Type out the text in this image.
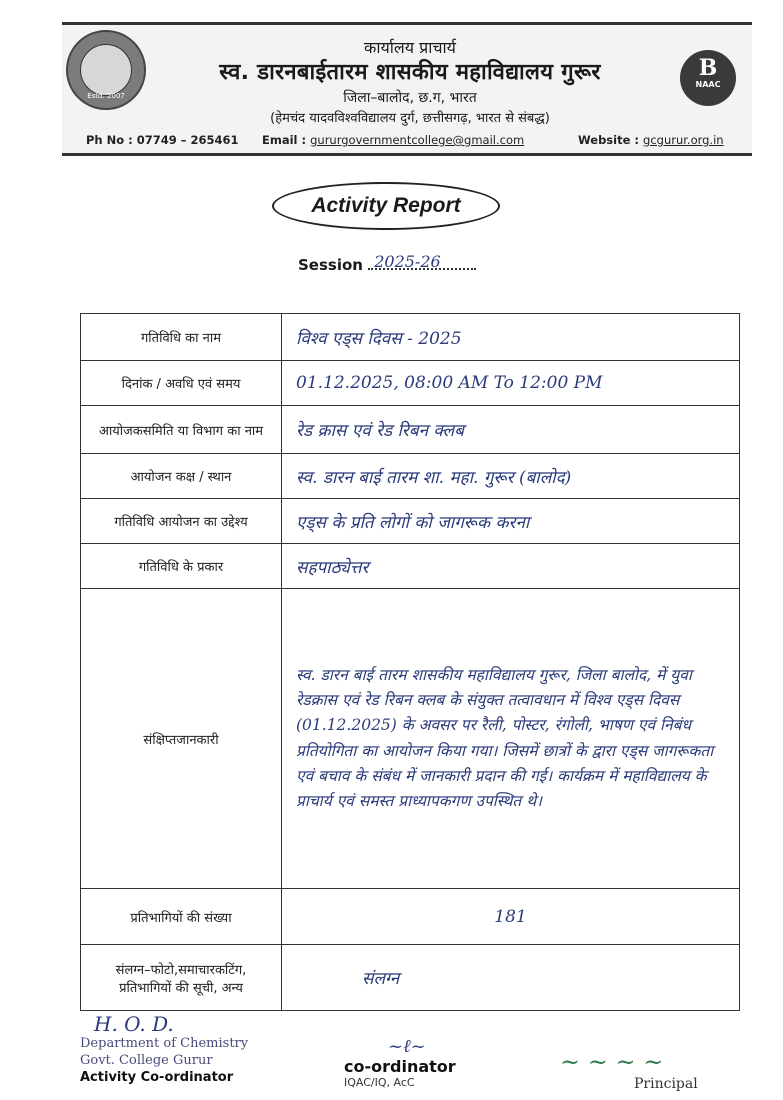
Estd. 2007
B
NAAC
कार्यालय प्राचार्य
स्व. डारनबाईतारम शासकीय महाविद्यालय गुरूर
जिला–बालोद, छ.ग, भारत
(हेमचंद यादवविश्वविद्यालय दुर्ग, छत्तीसगढ़, भारत से संबद्ध)
Ph No : 07749 – 265461 Email : gururgovernmentcollege@gmail.com	Website : gcgurur.org.in
Activity Report
Session 2025-26
गतिविधि का नाम	विश्व एड्स दिवस - 2025
दिनांक / अवधि एवं समय	01.12.2025, 08:00 AM To 12:00 PM
आयोजकसमिति या विभाग का नाम	रेड क्रास एवं रेड रिबन क्लब
आयोजन कक्ष / स्थान	स्व. डारन बाई तारम शा. महा. गुरूर (बालोद)
गतिविधि आयोजन का उद्देश्य	एड्स के प्रति लोगों को जागरूक करना
गतिविधि के प्रकार	सहपाठ्येत्तर
संक्षिप्तजानकारी	स्व. डारन बाई तारम शासकीय महाविद्यालय गुरूर, जिला बालोद, में युवा रेडक्रास एवं रेड रिबन क्लब के संयुक्त तत्वावधान में विश्व एड्स दिवस (01.12.2025) के अवसर पर रैली, पोस्टर, रंगोली, भाषण एवं निबंध प्रतियोगिता का आयोजन किया गया। जिसमें छात्रों के द्वारा एड्स जागरूकता एवं बचाव के संबंध में जानकारी प्रदान की गई। कार्यक्रम में महाविद्यालय के प्राचार्य एवं समस्त प्राध्यापकगण उपस्थित थे।
प्रतिभागियों की संख्या	181
संलग्न–फोटो,समाचारकटिंग, प्रतिभागियों की सूची, अन्य	संलग्न
H. O. D.
Department of Chemistry
Govt. College Gurur
Activity Co-ordinator
~ℓ~
co-ordinator
IQAC/IQ, AcC
~ ~ ~ ~
Principal
